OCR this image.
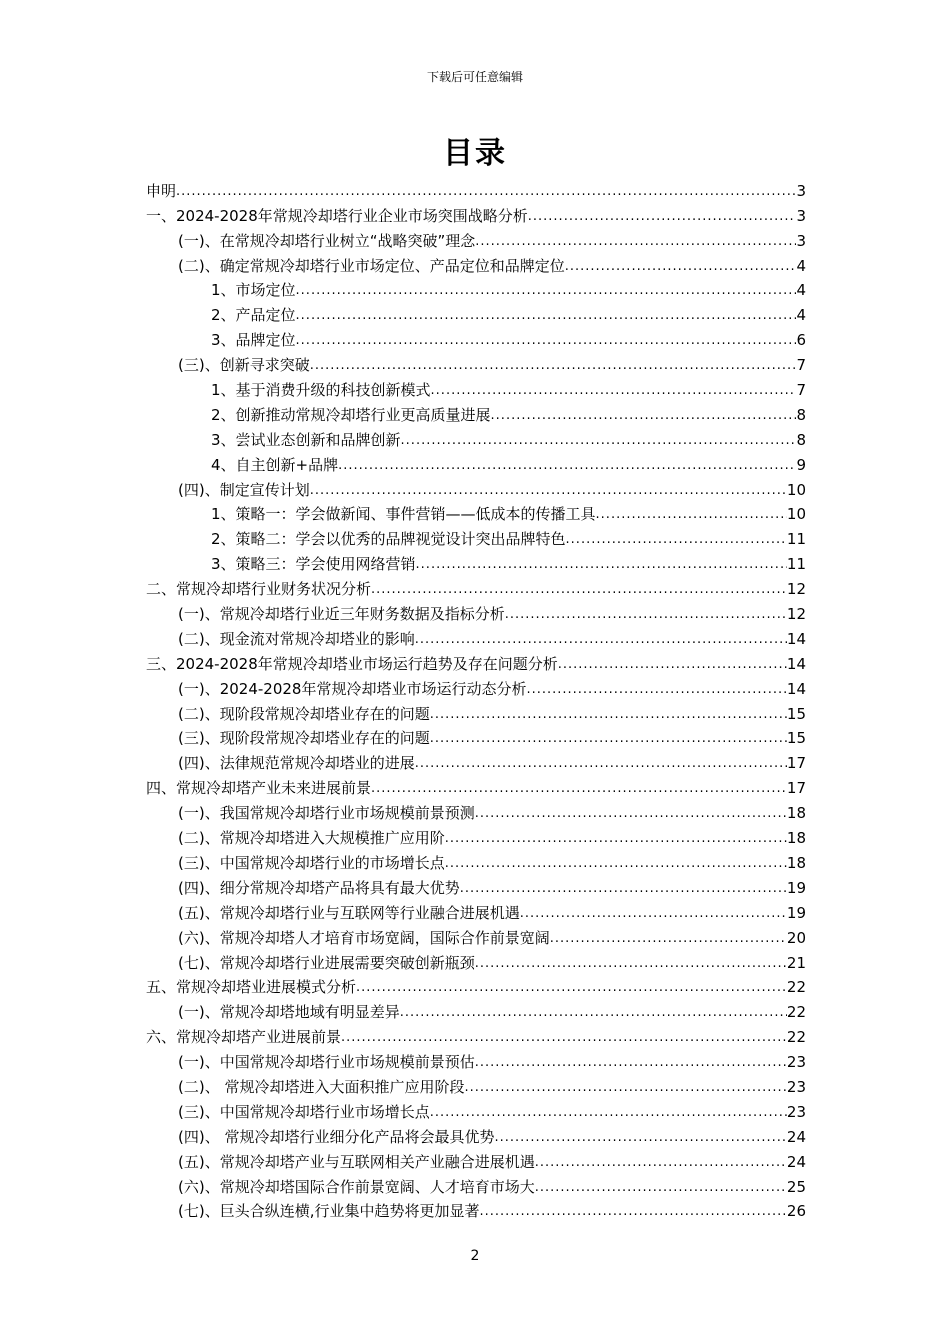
下载后可任意编辑
目录
申明 .....	3
一、2024-2028年常规冷却塔行业企业市场突围战略分析 .....	3
(一)、在常规冷却塔行业树立“战略突破”理念 .....	3
(二)、确定常规冷却塔行业市场定位、产品定位和品牌定位 .....	4
1、市场定位 .....	4
2、产品定位 .....	4
3、品牌定位 .....	6
(三)、创新寻求突破 .....	7
1、基于消费升级的科技创新模式 .....	7
2、创新推动常规冷却塔行业更高质量进展 .....	8
3、尝试业态创新和品牌创新 .....	8
4、自主创新+品牌 .....	9
(四)、制定宣传计划 .....	10
1、策略一：学会做新闻、事件营销——低成本的传播工具 .....	10
2、策略二：学会以优秀的品牌视觉设计突出品牌特色 .....	11
3、策略三：学会使用网络营销 .....	11
二、常规冷却塔行业财务状况分析 .....	12
(一)、常规冷却塔行业近三年财务数据及指标分析 .....	12
(二)、现金流对常规冷却塔业的影响 .....	14
三、2024-2028年常规冷却塔业市场运行趋势及存在问题分析 .....	14
(一)、2024-2028年常规冷却塔业市场运行动态分析 .....	14
(二)、现阶段常规冷却塔业存在的问题 .....	15
(三)、现阶段常规冷却塔业存在的问题 .....	15
(四)、法律规范常规冷却塔业的进展 .....	17
四、常规冷却塔产业未来进展前景 .....	17
(一)、我国常规冷却塔行业市场规模前景预测 .....	18
(二)、常规冷却塔进入大规模推广应用阶 .....	18
(三)、中国常规冷却塔行业的市场增长点 .....	18
(四)、细分常规冷却塔产品将具有最大优势 .....	19
(五)、常规冷却塔行业与互联网等行业融合进展机遇 .....	19
(六)、常规冷却塔人才培育市场宽阔，国际合作前景宽阔 .....	20
(七)、常规冷却塔行业进展需要突破创新瓶颈 .....	21
五、常规冷却塔业进展模式分析 .....	22
(一)、常规冷却塔地域有明显差异 .....	22
六、常规冷却塔产业进展前景 .....	22
(一)、中国常规冷却塔行业市场规模前景预估 .....	23
(二)、 常规冷却塔进入大面积推广应用阶段 .....	23
(三)、中国常规冷却塔行业市场增长点 .....	23
(四)、 常规冷却塔行业细分化产品将会最具优势 .....	24
(五)、常规冷却塔产业与互联网相关产业融合进展机遇 .....	24
(六)、常规冷却塔国际合作前景宽阔、人才培育市场大 .....	25
(七)、巨头合纵连横,行业集中趋势将更加显著 .....	26
2
